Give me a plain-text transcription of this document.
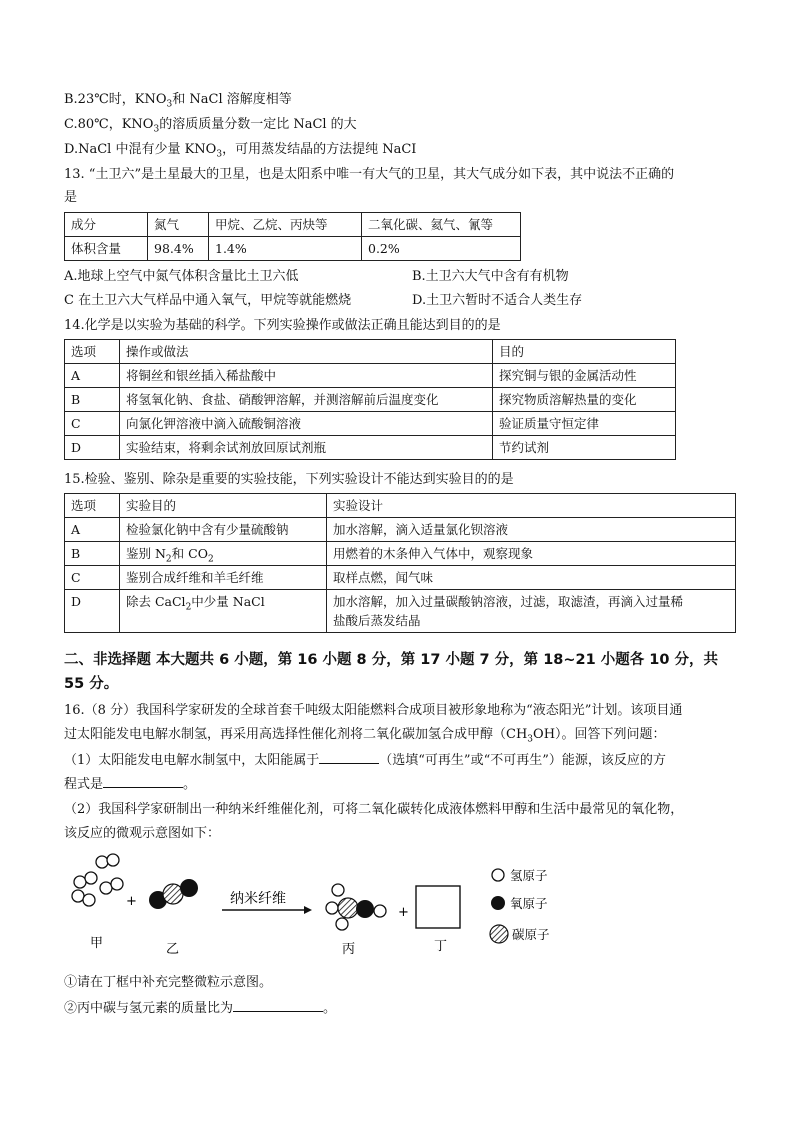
B.23℃时，$KNO_3$和 NaCl 溶解度相等
C.80℃，$KNO_3$的溶质质量分数一定比 NaCl 的大
D.NaCl 中混有少量 $KNO_3$，可用蒸发结晶的方法提纯 NaCI
13. “土卫六”是土星最大的卫星，也是太阳系中唯一有大气的卫星，其大气成分如下表，其中说法不正确的
是
成分	氮气	甲烷、乙烷、丙炔等	二氧化碳、氦气、氰等
体积含量	98.4%	1.4%	0.2%
A.地球上空气中氮气体积含量比土卫六低	B.土卫六大气中含有有机物
C 在土卫六大气样品中通入氧气，甲烷等就能燃烧	D.土卫六暂时不适合人类生存
14.化学是以实验为基础的科学。下列实验操作或做法正确且能达到目的的是
选项	操作或做法	目的
A	将铜丝和银丝插入稀盐酸中	探究铜与银的金属活动性
B	将氢氧化钠、食盐、硝酸钾溶解，并测溶解前后温度变化	探究物质溶解热量的变化
C	向氯化钾溶液中滴入硫酸铜溶液	验证质量守恒定律
D	实验结束，将剩余试剂放回原试剂瓶	节约试剂
15.检验、鉴别、除杂是重要的实验技能，下列实验设计不能达到实验目的的是
选项	实验目的	实验设计
A	检验氯化钠中含有少量硫酸钠	加水溶解，滴入适量氯化钡溶液
B	鉴别 $N_2$和 $CO_2$	用燃着的木条伸入气体中，观察现象
C	鉴别合成纤维和羊毛纤维	取样点燃，闻气味
D	除去 CaCl$_2$中少量 NaCl	加水溶解，加入过量碳酸钠溶液，过滤，取滤渣，再滴入过量稀
盐酸后蒸发结晶
二、非选择题 本大题共 6 小题，第 16 小题 8 分，第 17 小题 7 分，第 18~21 小题各 10 分，共
55 分。
16.（8 分）我国科学家研发的全球首套千吨级太阳能燃料合成项目被形象地称为“液态阳光”计划。该项目通
过太阳能发电电解水制氢，再采用高选择性催化剂将二氧化碳加氢合成甲醇$(CH_3OH)$。回答下列问题：
（1）太阳能发电电解水制氢中，太阳能属于	（选填“可再生”或“不可再生”）能源，该反应的方
程式是	。
（2）我国科学家研制出一种纳米纤维催化剂，可将二氧化碳转化成液体燃料甲醇和生活中最常见的氧化物，
该反应的微观示意图如下：
+	纳米纤维
+
甲	乙	丙	丁
氢原子
氧原子
碳原子
①请在丁框中补充完整微粒示意图。
②丙中碳与氢元素的质量比为	。
